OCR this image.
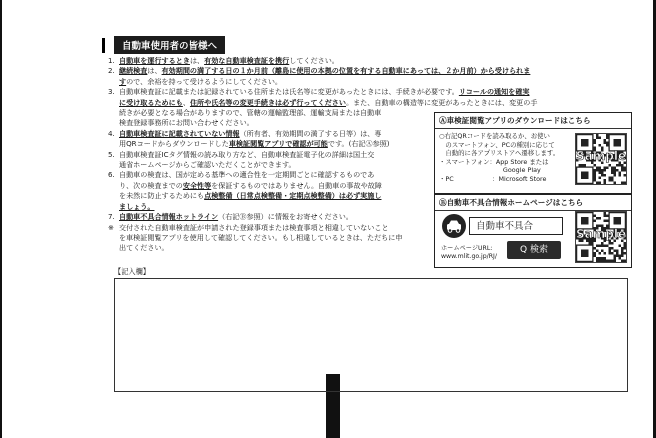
自動車使用者の皆様へ
1. 自動車を運行するときは、有効な自動車検査証を携行してください。
2. 継続検査は、有効期間の満了する日の１か月前（離島に使用の本拠の位置を有する自動車にあっては、２か月前）から受けられま
すので、余裕を持って受けるようにしてください。
3. 自動車検査証に記載または記録されている住所または氏名等に変更があったときには、手続きが必要です。リコールの通知を確実
に受け取るためにも、住所や氏名等の変更手続きは必ず行ってください。また、自動車の構造等に変更があったときには、変更の手
続きが必要となる場合がありますので、管轄の運輸監理部、運輸支局または自動車
検査登録事務所にお問い合わせください。
4. 自動車検査証に記載されていない情報（所有者、有効期間の満了する日等）は、専
用QRコードからダウンロードした車検証閲覧アプリで確認が可能です。(右記Ⓐ参照)
5. 自動車検査証ICタグ情報の読み取り方など、自動車検査証電子化の詳細は国土交
通省ホームページからご確認いただくことができます。
6. 自動車の検査は、国が定める基準への適合性を一定期間ごとに確認するものであ
り、次の検査までの安全性等を保証するものではありません。自動車の事故や故障
を未然に防止するためにも点検整備（日常点検整備・定期点検整備）は必ず実施し
ましょう。
7. 自動車不具合情報ホットライン（右記Ⓑ参照）に情報をお寄せください。
※ 交付された自動車検査証が申請された登録事項または検査事項と相違していないこと
を車検証閲覧アプリを使用して確認してください。もし相違しているときは、ただちに申
出てください。
Ⓐ車検証閲覧アプリのダウンロードはこちら
○右記QRコードを読み取るか、お使い
　のスマートフォン、PCの種別に応じて
　自動的に各アプリストアへ遷移します。
・スマートフォン：App Store または
　　　　　　　　　　Google Play
・PC　　　　　　：Microsoft Store
Sample
Ⓑ自動車不具合情報ホームページはこちら
自動車不具合
Q 検索
ホームページURL:
www.mlit.go.jp/RJ/
Sample
【記入欄】
